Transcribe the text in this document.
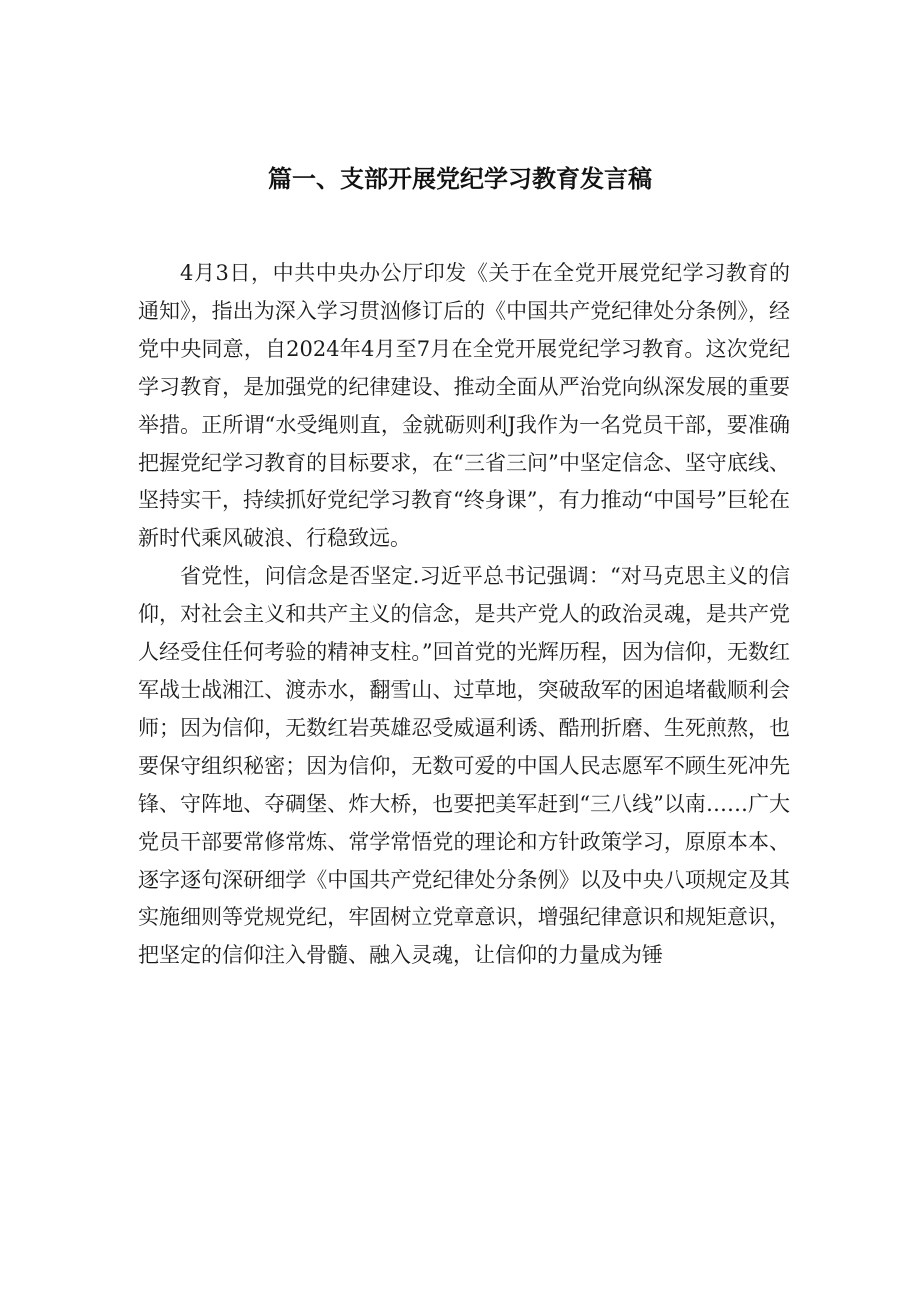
篇一、支部开展党纪学习教育发言稿

4月3日，中共中央办公厅印发《关于在全党开展党纪学习教育的通知》，指出为深入学习贯汹修订后的《中国共产党纪律处分条例》，经党中央同意，自2024年4月至7月在全党开展党纪学习教育。这次党纪学习教育，是加强党的纪律建设、推动全面从严治党向纵深发展的重要举措。正所谓“水受绳则直，金就砺则利J我作为一名党员干部，要准确把握党纪学习教育的目标要求，在“三省三问”中坚定信念、坚守底线、坚持实干，持续抓好党纪学习教育“终身课”，有力推动“中国号”巨轮在新时代乘风破浪、行稳致远。

省党性，问信念是否坚定.习近平总书记强调：“对马克思主义的信仰，对社会主义和共产主义的信念，是共产党人的政治灵魂，是共产党人经受住任何考验的精神支柱。”回首党的光辉历程，因为信仰，无数红军战士战湘江、渡赤水，翻雪山、过草地，突破敌军的困追堵截顺利会师；因为信仰，无数红岩英雄忍受威逼利诱、酷刑折磨、生死煎熬，也要保守组织秘密；因为信仰，无数可爱的中国人民志愿军不顾生死冲先锋、守阵地、夺碉堡、炸大桥，也要把美军赶到“三八线”以南……广大党员干部要常修常炼、常学常悟党的理论和方针政策学习，原原本本、逐字逐句深研细学《中国共产党纪律处分条例》以及中央八项规定及其实施细则等党规党纪，牢固树立党章意识，增强纪律意识和规矩意识，把坚定的信仰注入骨髓、融入灵魂，让信仰的力量成为锤
